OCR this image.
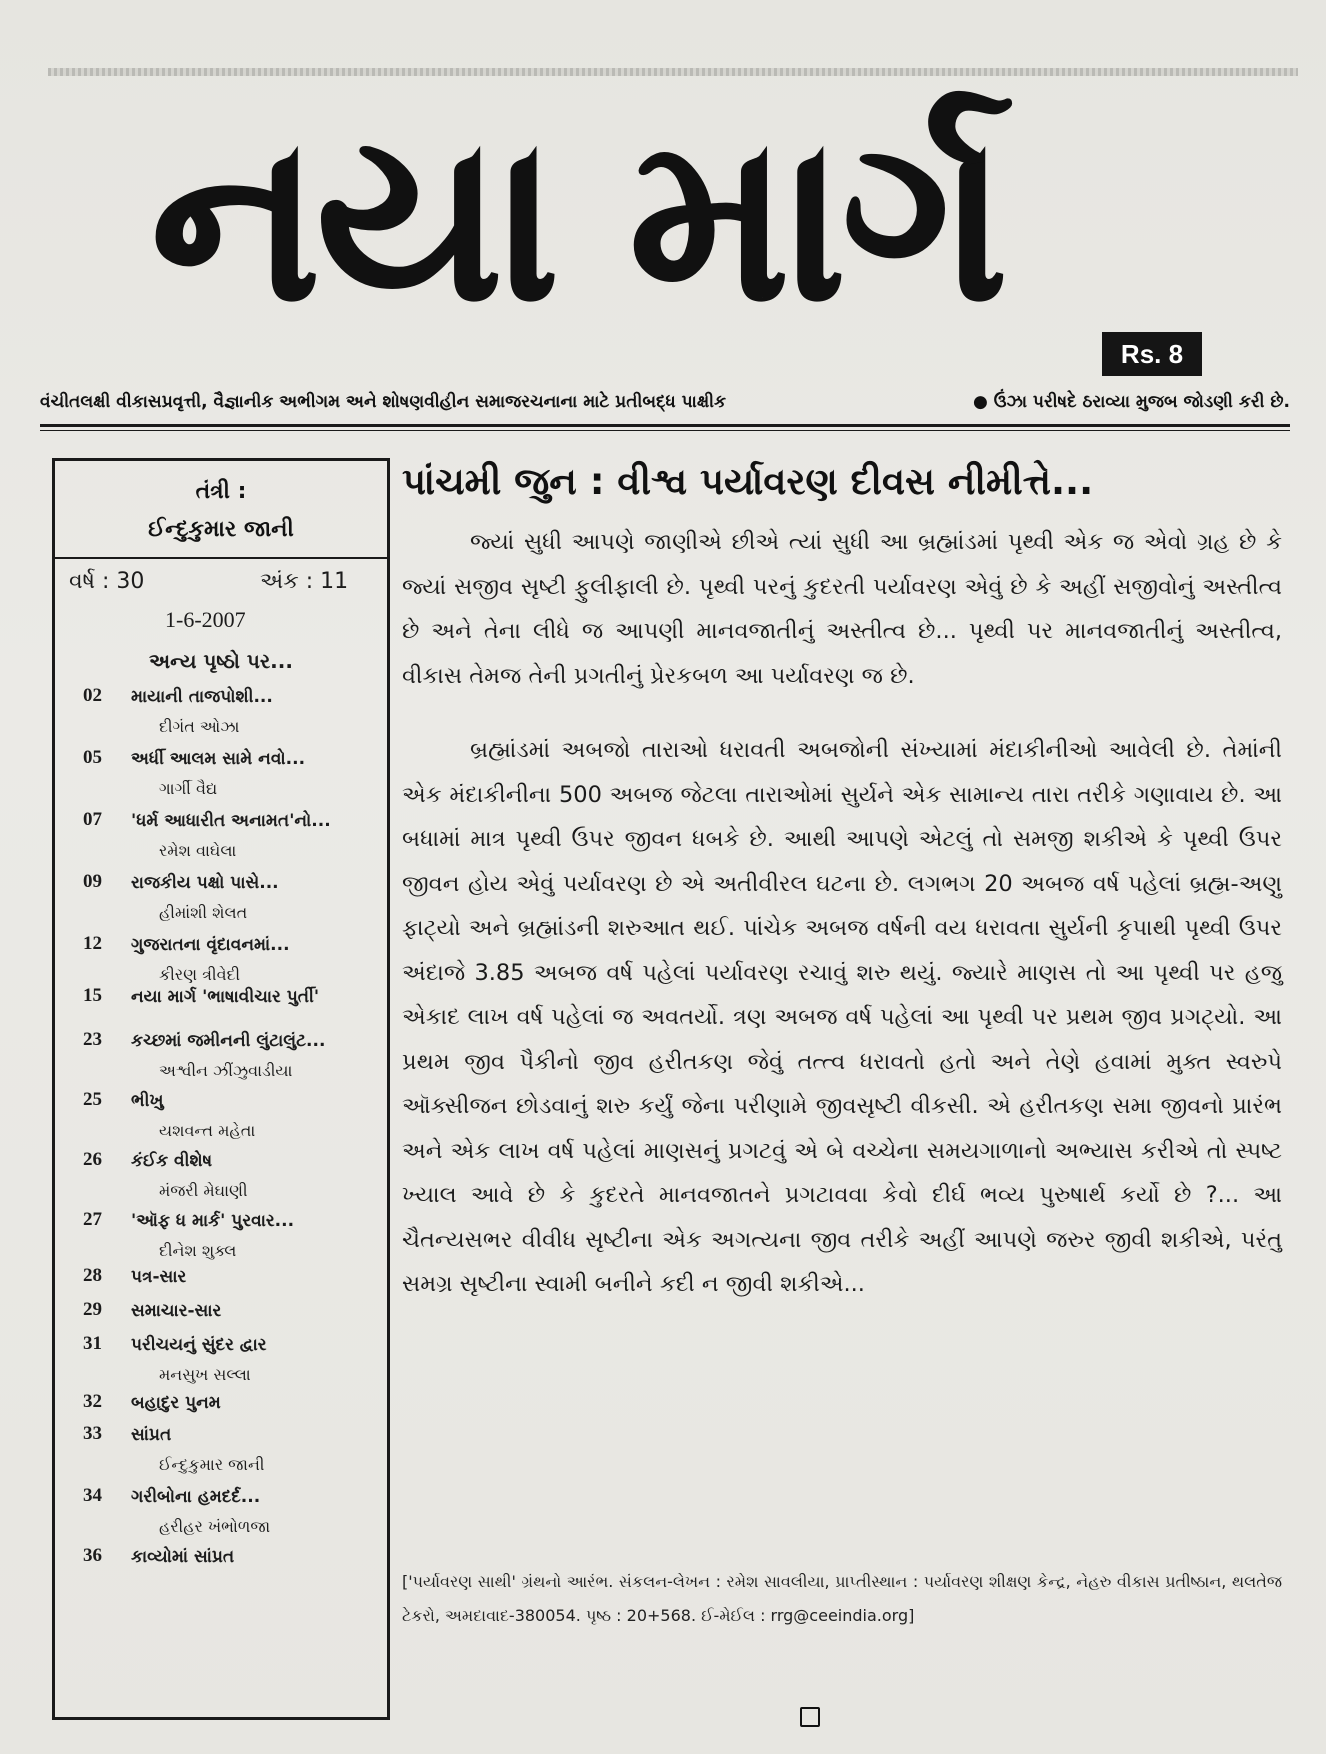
નયા માર્ગ
Rs. 8
વંચીતલક્ષી વીકાસપ્રવૃત્તી, વૈજ્ઞાનીક અભીગમ અને શોષણવીહીન સમાજરચનાના માટે પ્રતીબદ્ધ પાક્ષીક	● ઉંઝા પરીષદે ઠરાવ્યા મુજબ જોડણી કરી છે.
તંત્રી :
ઈન્દુકુમાર જાની
વર્ષ : 30	અંક : 11
1-6-2007
અન્ય પૃષ્ઠો પર...
02 માયાની તાજપોશી...
દીગંત ઓઝા
05 અર્ધી આલમ સામે નવો...
ગાર્ગી વૈદ્ય
07 'ધર્મ આધારીત અનામત'નો...
રમેશ વાઘેલા
09 રાજકીય પક્ષો પાસે...
હીમાંશી શેલત
12 ગુજરાતના વૃંદાવનમાં...
કીરણ ત્રીવેદી
15 નયા માર્ગ 'ભાષાવીચાર પુર્તી'
23 કચ્છમાં જમીનની લુંટાલુંટ...
અશ્વીન ઝીંઝુવાડીયા
25 ભીખુ
યશવન્ત મહેતા
26 કંઈક વીશેષ
મંજરી મેઘાણી
27 'ઑફ ધ માર્ક' પુરવાર...
દીનેશ શુક્લ
28 પત્ર-સાર
29 સમાચાર-સાર
31 પરીચયનું સુંદર દ્વાર
મનસુખ સલ્લા
32 બહાદુર પુનમ
33 સાંપ્રત
ઈન્દુકુમાર જાની
34 ગરીબોના હમદર્દ...
હરીહર ખંભોળજા
36 કાવ્યોમાં સાંપ્રત
પાંચમી જુન : વીશ્વ પર્યાવરણ દીવસ નીમીત્તે...

જ્યાં સુધી આપણે જાણીએ છીએ ત્યાં સુધી આ બ્રહ્માંડમાં પૃથ્વી એક જ એવો ગ્રહ છે કે જ્યાં સજીવ સૃષ્ટી ફુલીફાલી છે. પૃથ્વી પરનું કુદરતી પર્યાવરણ એવું છે કે અહીં સજીવોનું અસ્તીત્વ છે અને તેના લીધે જ આપણી માનવજાતીનું અસ્તીત્વ છે... પૃથ્વી પર માનવજાતીનું અસ્તીત્વ, વીકાસ તેમજ તેની પ્રગતીનું પ્રેરકબળ આ પર્યાવરણ જ છે.

બ્રહ્માંડમાં અબજો તારાઓ ધરાવતી અબજોની સંખ્યામાં મંદાકીનીઓ આવેલી છે. તેમાંની એક મંદાકીનીના 500 અબજ જેટલા તારાઓમાં સુર્યને એક સામાન્ય તારા તરીકે ગણાવાય છે. આ બધામાં માત્ર પૃથ્વી ઉપર જીવન ધબકે છે. આથી આપણે એટલું તો સમજી શકીએ કે પૃથ્વી ઉપર જીવન હોય એવું પર્યાવરણ છે એ અતીવીરલ ઘટના છે. લગભગ 20 અબજ વર્ષ પહેલાં બ્રહ્મ-અણુ ફાટ્યો અને બ્રહ્માંડની શરુઆત થઈ. પાંચેક અબજ વર્ષની વય ધરાવતા સુર્યની કૃપાથી પૃથ્વી ઉપર અંદાજે 3.85 અબજ વર્ષ પહેલાં પર્યાવરણ રચાવું શરુ થયું. જ્યારે માણસ તો આ પૃથ્વી પર હજુ એકાદ લાખ વર્ષ પહેલાં જ અવતર્યો. ત્રણ અબજ વર્ષ પહેલાં આ પૃથ્વી પર પ્રથમ જીવ પ્રગટ્યો. આ પ્રથમ જીવ પૈકીનો જીવ હરીતકણ જેવું તત્ત્વ ધરાવતો હતો અને તેણે હવામાં મુક્ત સ્વરુપે ઑક્સીજન છોડવાનું શરુ કર્યું જેના પરીણામે જીવસૃષ્ટી વીકસી. એ હરીતકણ સમા જીવનો પ્રારંભ અને એક લાખ વર્ષ પહેલાં માણસનું પ્રગટવું એ બે વચ્ચેના સમયગાળાનો અભ્યાસ કરીએ તો સ્પષ્ટ ખ્યાલ આવે છે કે કુદરતે માનવજાતને પ્રગટાવવા કેવો દીર્ઘ ભવ્ય પુરુષાર્થ કર્યો છે ?... આ ચૈતન્યસભર વીવીધ સૃષ્ટીના એક અગત્યના જીવ તરીકે અહીં આપણે જરુર જીવી શકીએ, પરંતુ સમગ્ર સૃષ્ટીના સ્વામી બનીને કદી ન જીવી શકીએ...

['પર્યાવરણ સાથી' ગ્રંથનો આરંભ. સંકલન-લેખન : રમેશ સાવલીયા, પ્રાપ્તીસ્થાન : પર્યાવરણ શીક્ષણ કેન્દ્ર, નેહરુ વીકાસ પ્રતીષ્ઠાન, થલતેજ ટેકરો, અમદાવાદ-380054. પૃષ્ઠ : 20+568. ઈ-મેઈલ : rrg@ceeindia.org]
